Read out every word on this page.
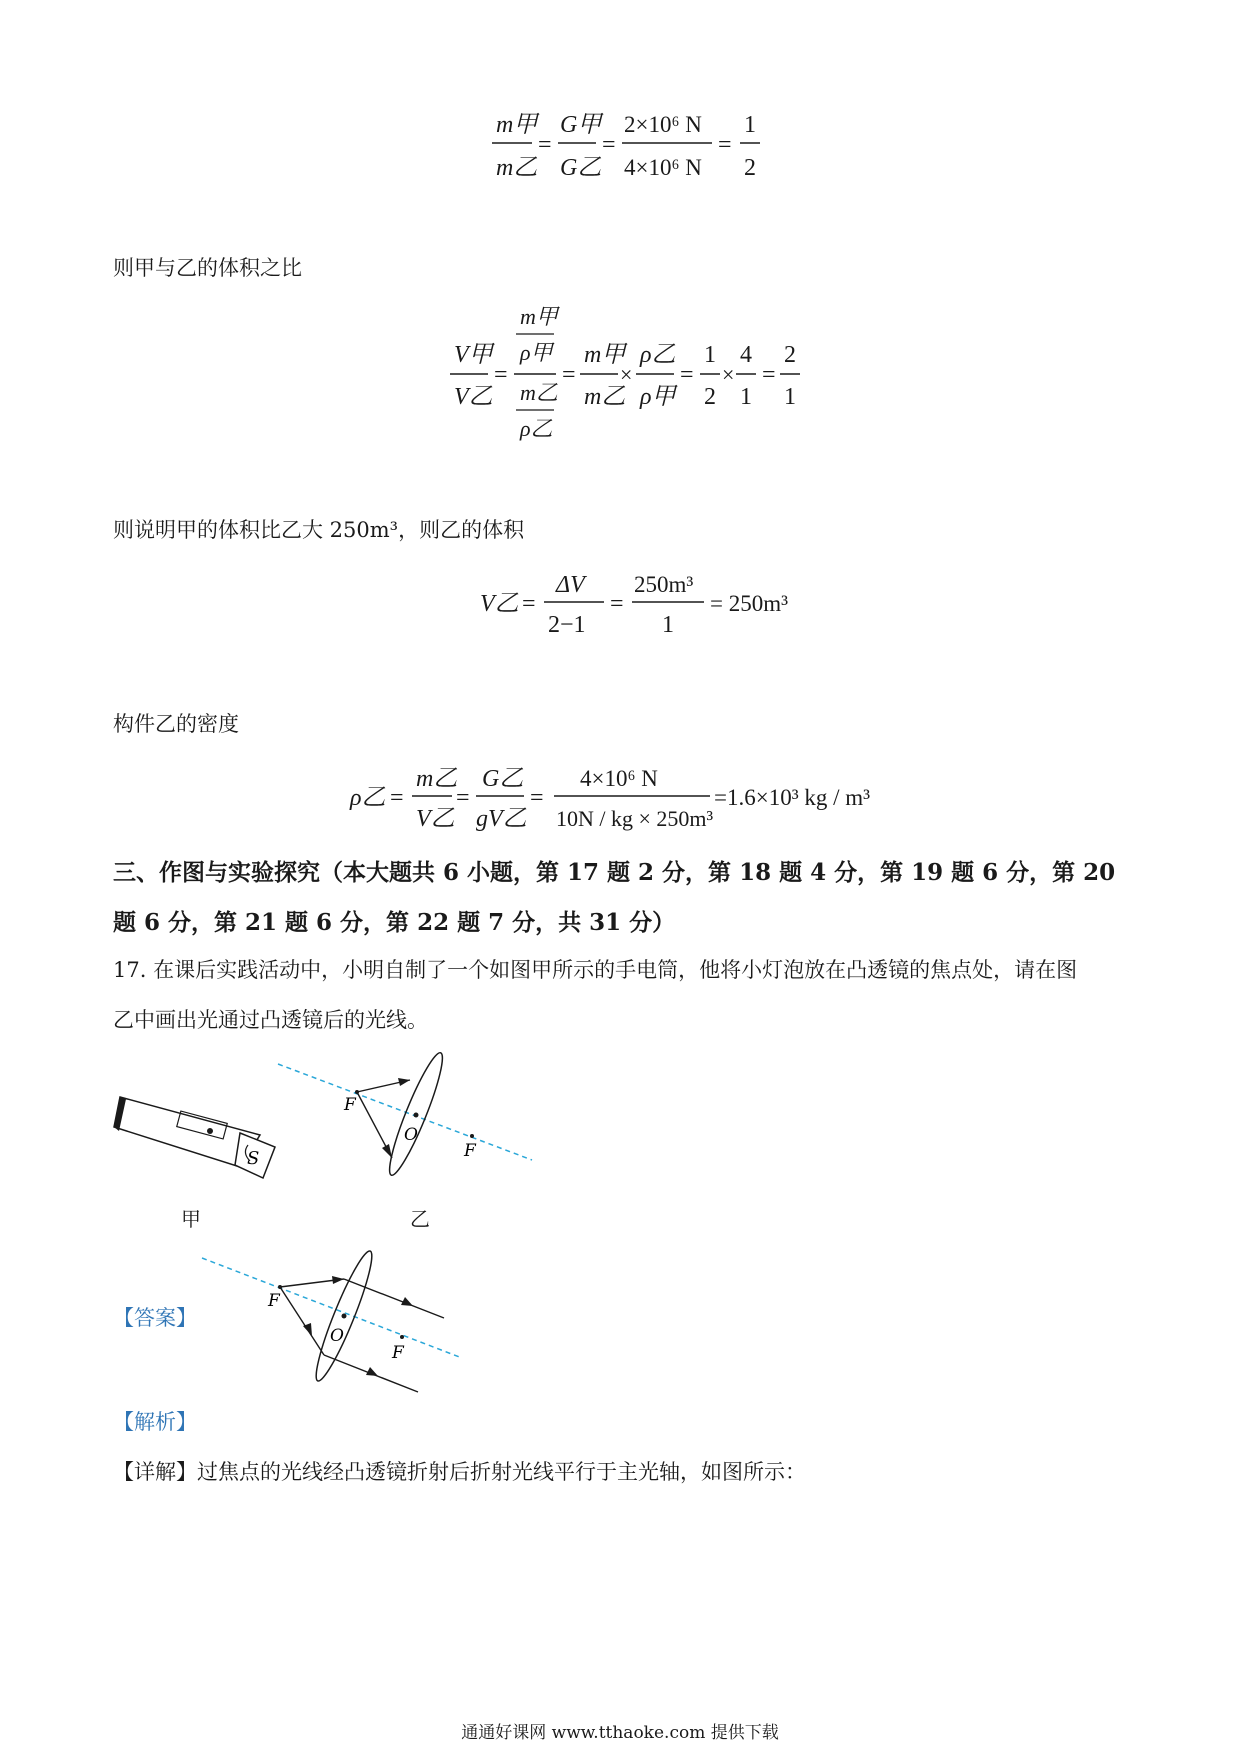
m甲
m乙
=
G甲
G乙
=
2×10⁶ N
4×10⁶ N
=
1
2
则甲与乙的体积之比
V甲
V乙
=
m甲
ρ甲
m乙
ρ乙
=
m甲
m乙
×
ρ乙
ρ甲
=
1
2
×
4
1
=
2
1
则说明甲的体积比乙大 250m³，则乙的体积
V乙 =
ΔV
2−1
=
250m³
1
= 250m³
构件乙的密度
ρ乙 =
m乙
V乙
=
G乙
gV乙
=
4×10⁶ N
10N / kg × 250m³
=1.6×10³ kg / m³
三、作图与实验探究（本大题共 6 小题，第 17 题 2 分，第 18 题 4 分，第 19 题 6 分，第 20
题 6 分，第 21 题 6 分，第 22 题 7 分，共 31 分）
17. 在课后实践活动中，小明自制了一个如图甲所示的手电筒，他将小灯泡放在凸透镜的焦点处，请在图
乙中画出光通过凸透镜后的光线。
S
甲
F
O
F
乙
【答案】
F
O
F
【解析】
【详解】过焦点的光线经凸透镜折射后折射光线平行于主光轴，如图所示：
通通好课网 www.tthaoke.com 提供下载
